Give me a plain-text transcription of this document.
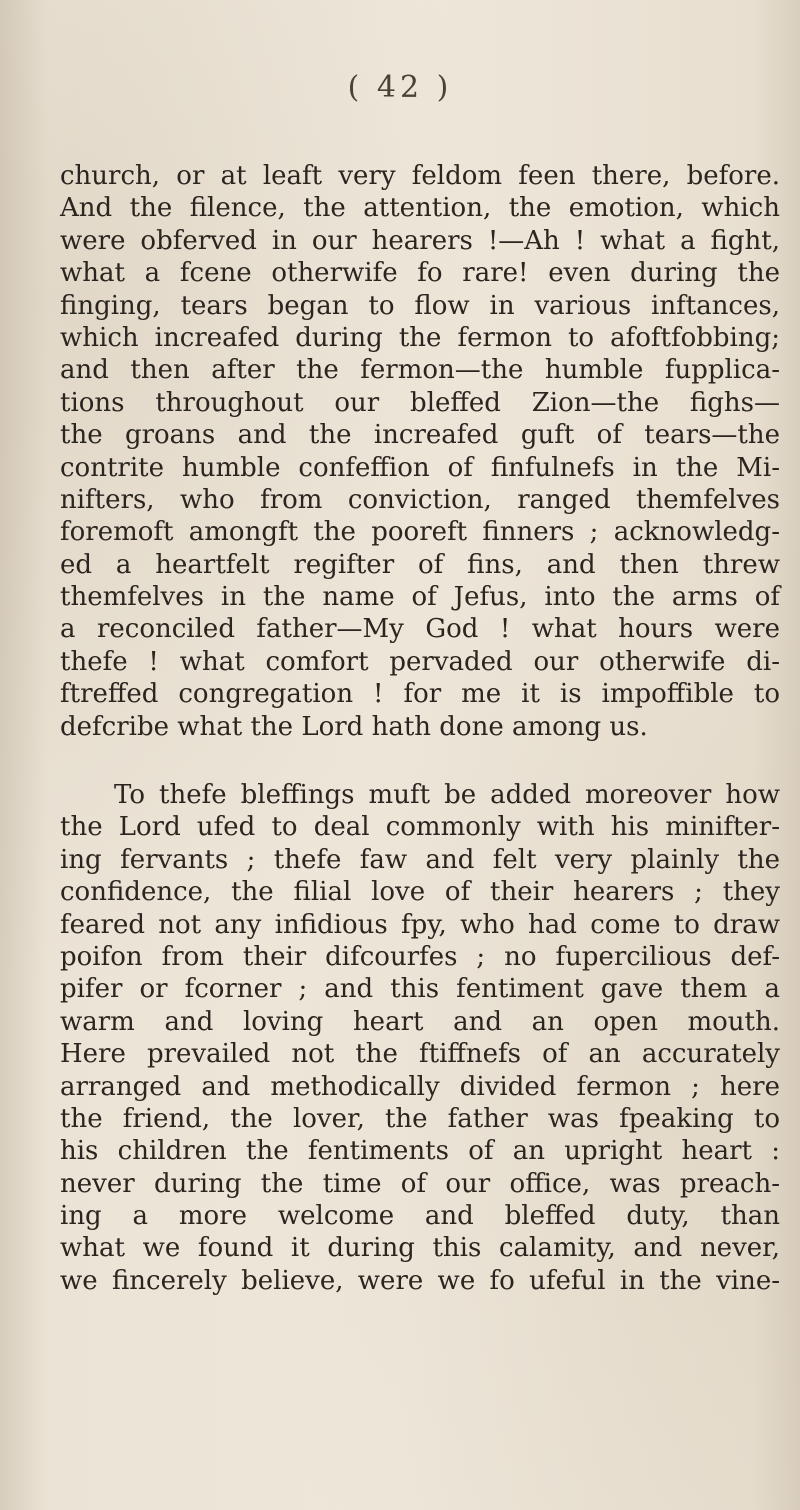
( 42 )
church, or at leaft very feldom feen there, before.
And the filence, the attention, the emotion, which
were obferved in our hearers !—Ah ! what a fight,
what a fcene otherwife fo rare! even during the
finging, tears began to flow in various inftances,
which increafed during the fermon to afoftfobbing;
and then after the fermon—the humble fupplica-
tions throughout our bleffed Zion—the fighs—
the groans and the increafed guft of tears—the
contrite humble confeffion of finfulnefs in the Mi-
nifters, who from conviction, ranged themfelves
foremoft amongft the pooreft finners ; acknowledg-
ed a heartfelt regifter of fins, and then threw
themfelves in the name of Jefus, into the arms of
a reconciled father—My God ! what hours were
thefe ! what comfort pervaded our otherwife di-
ftreffed congregation ! for me it is impoffible to
defcribe what the Lord hath done among us.
To thefe bleffings muft be added moreover how
the Lord ufed to deal commonly with his minifter-
ing fervants ; thefe faw and felt very plainly the
confidence, the filial love of their hearers ; they
feared not any infidious fpy, who had come to draw
poifon from their difcourfes ; no fupercilious def-
pifer or fcorner ; and this fentiment gave them a
warm and loving heart and an open mouth.
Here prevailed not the ftiffnefs of an accurately
arranged and methodically divided fermon ; here
the friend, the lover, the father was fpeaking to
his children the fentiments of an upright heart :
never during the time of our office, was preach-
ing a more welcome and bleffed duty, than
what we found it during this calamity, and never,
we fincerely believe, were we fo ufeful in the vine-
